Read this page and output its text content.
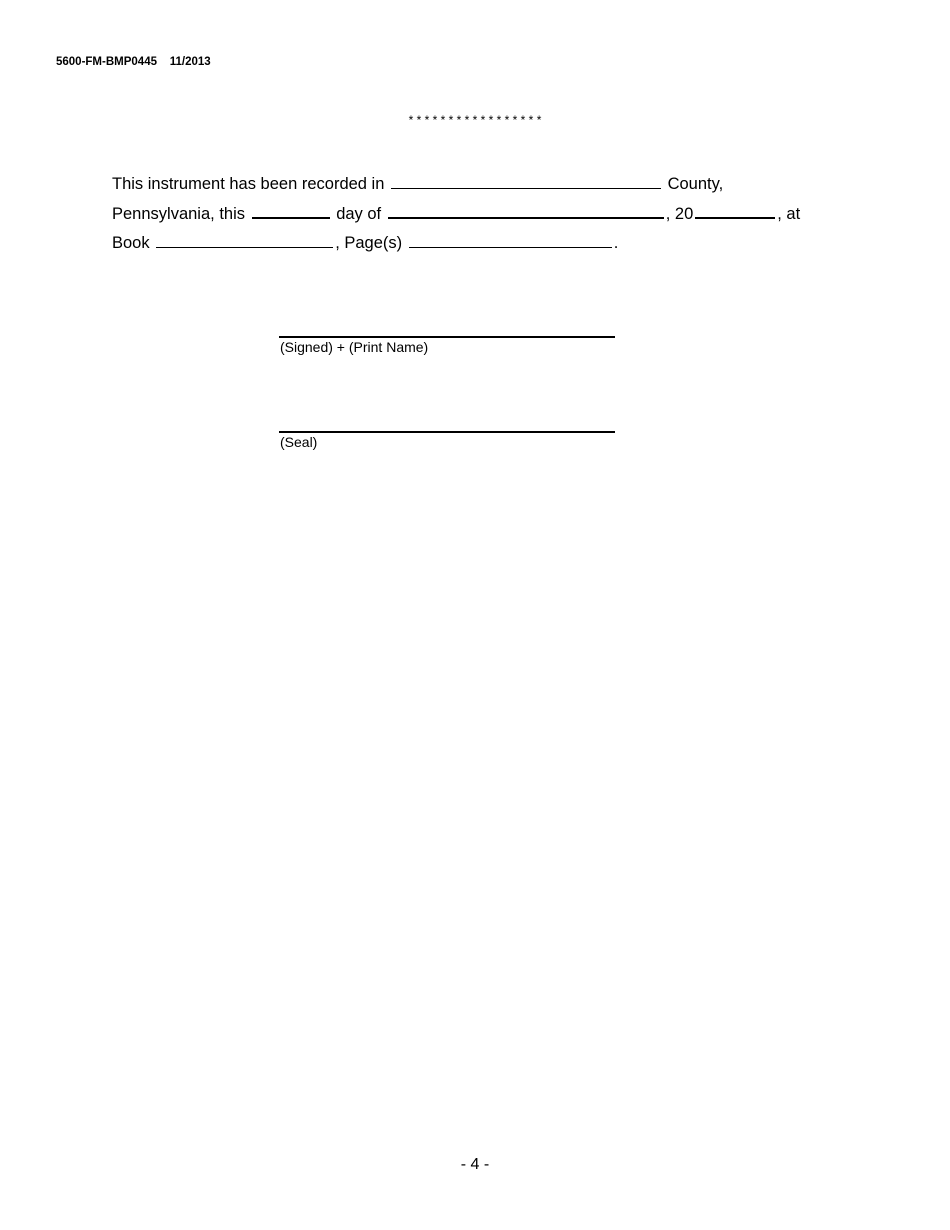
5600-FM-BMP0445    11/2013
* * * * * * * * * * * * * * * * *
This instrument has been recorded in	County,
Pennsylvania, this	day of	, 20	, at
Book	, Page(s)	.
(Signed) + (Print Name)
(Seal)
- 4 -
